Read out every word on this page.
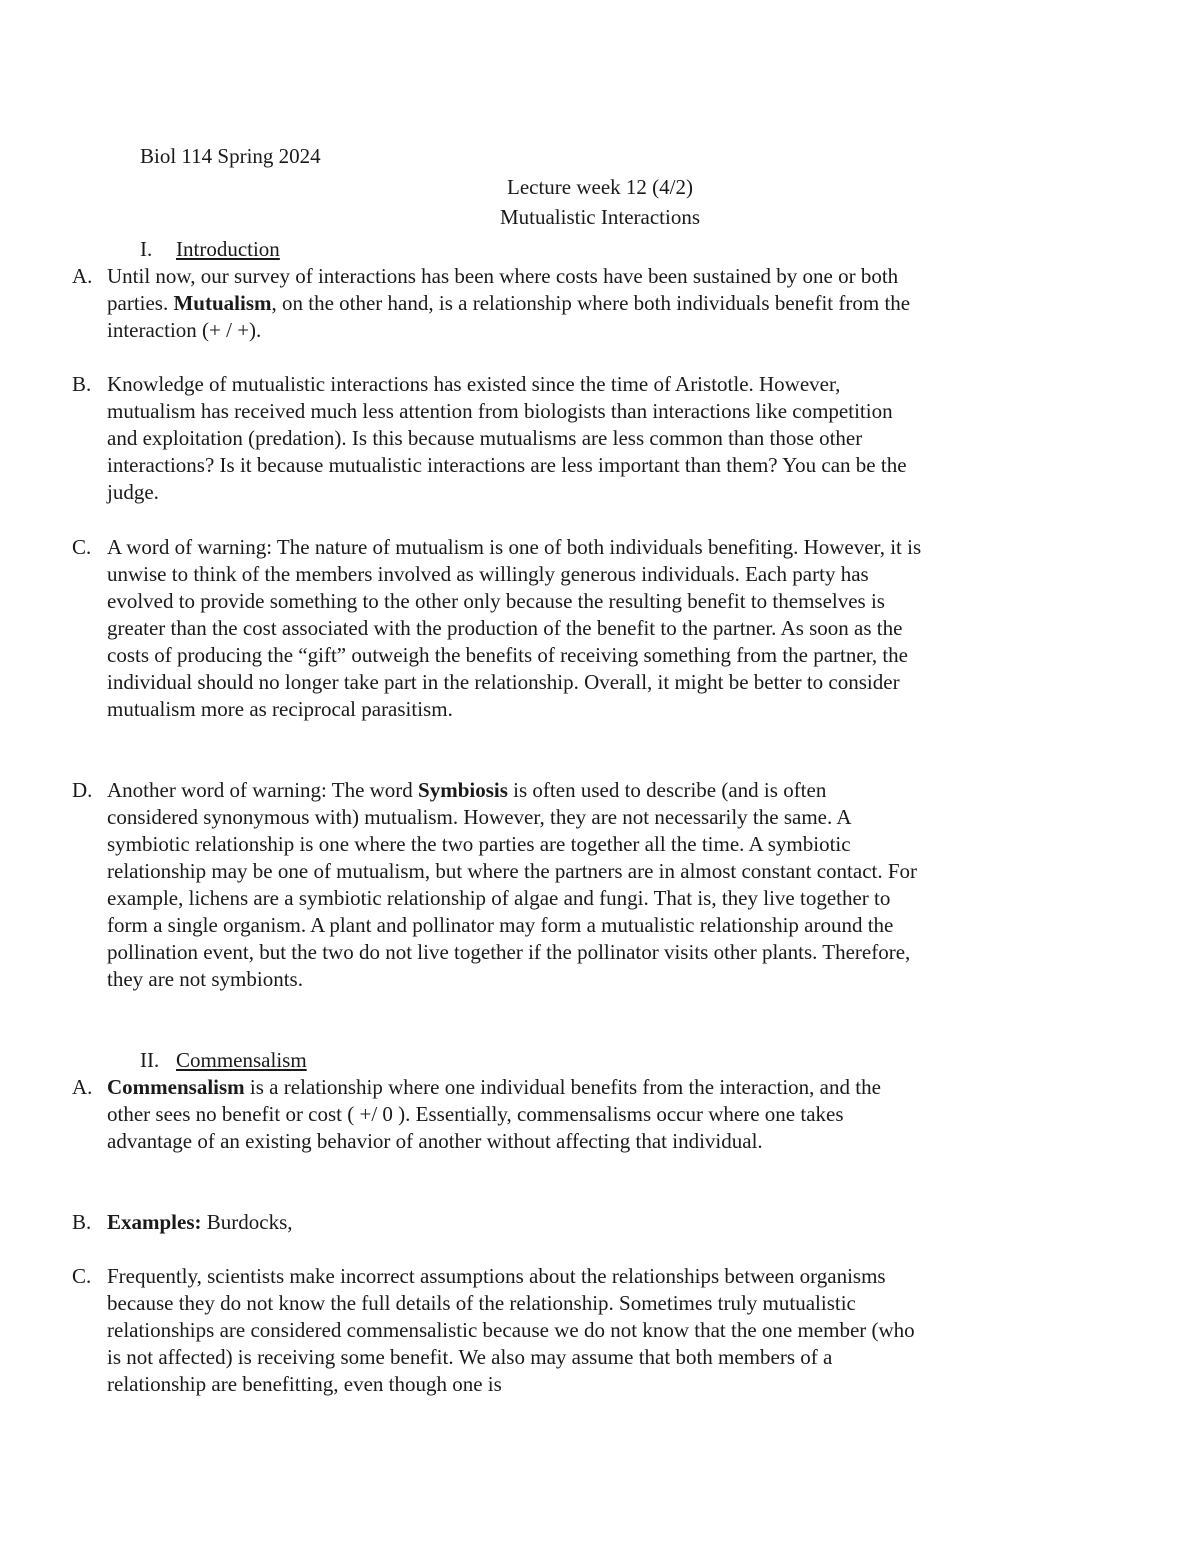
Biol 114 Spring 2024
Lecture week 12 (4/2)
Mutualistic Interactions
I. Introduction
A. Until now, our survey of interactions has been where costs have been sustained by one or both parties. Mutualism, on the other hand, is a relationship where both individuals benefit from the interaction (+ / +).
B. Knowledge of mutualistic interactions has existed since the time of Aristotle. However, mutualism has received much less attention from biologists than interactions like competition and exploitation (predation). Is this because mutualisms are less common than those other interactions? Is it because mutualistic interactions are less important than them? You can be the judge.
C. A word of warning: The nature of mutualism is one of both individuals benefiting. However, it is unwise to think of the members involved as willingly generous individuals. Each party has evolved to provide something to the other only because the resulting benefit to themselves is greater than the cost associated with the production of the benefit to the partner. As soon as the costs of producing the “gift” outweigh the benefits of receiving something from the partner, the individual should no longer take part in the relationship. Overall, it might be better to consider mutualism more as reciprocal parasitism.
D. Another word of warning: The word Symbiosis is often used to describe (and is often considered synonymous with) mutualism. However, they are not necessarily the same. A symbiotic relationship is one where the two parties are together all the time. A symbiotic relationship may be one of mutualism, but where the partners are in almost constant contact. For example, lichens are a symbiotic relationship of algae and fungi. That is, they live together to form a single organism. A plant and pollinator may form a mutualistic relationship around the pollination event, but the two do not live together if the pollinator visits other plants. Therefore, they are not symbionts.
II. Commensalism
A. Commensalism is a relationship where one individual benefits from the interaction, and the other sees no benefit or cost ( +/ 0 ). Essentially, commensalisms occur where one takes advantage of an existing behavior of another without affecting that individual.
B. Examples: Burdocks,
C. Frequently, scientists make incorrect assumptions about the relationships between organisms because they do not know the full details of the relationship. Sometimes truly mutualistic relationships are considered commensalistic because we do not know that the one member (who is not affected) is receiving some benefit. We also may assume that both members of a relationship are benefitting, even though one is
